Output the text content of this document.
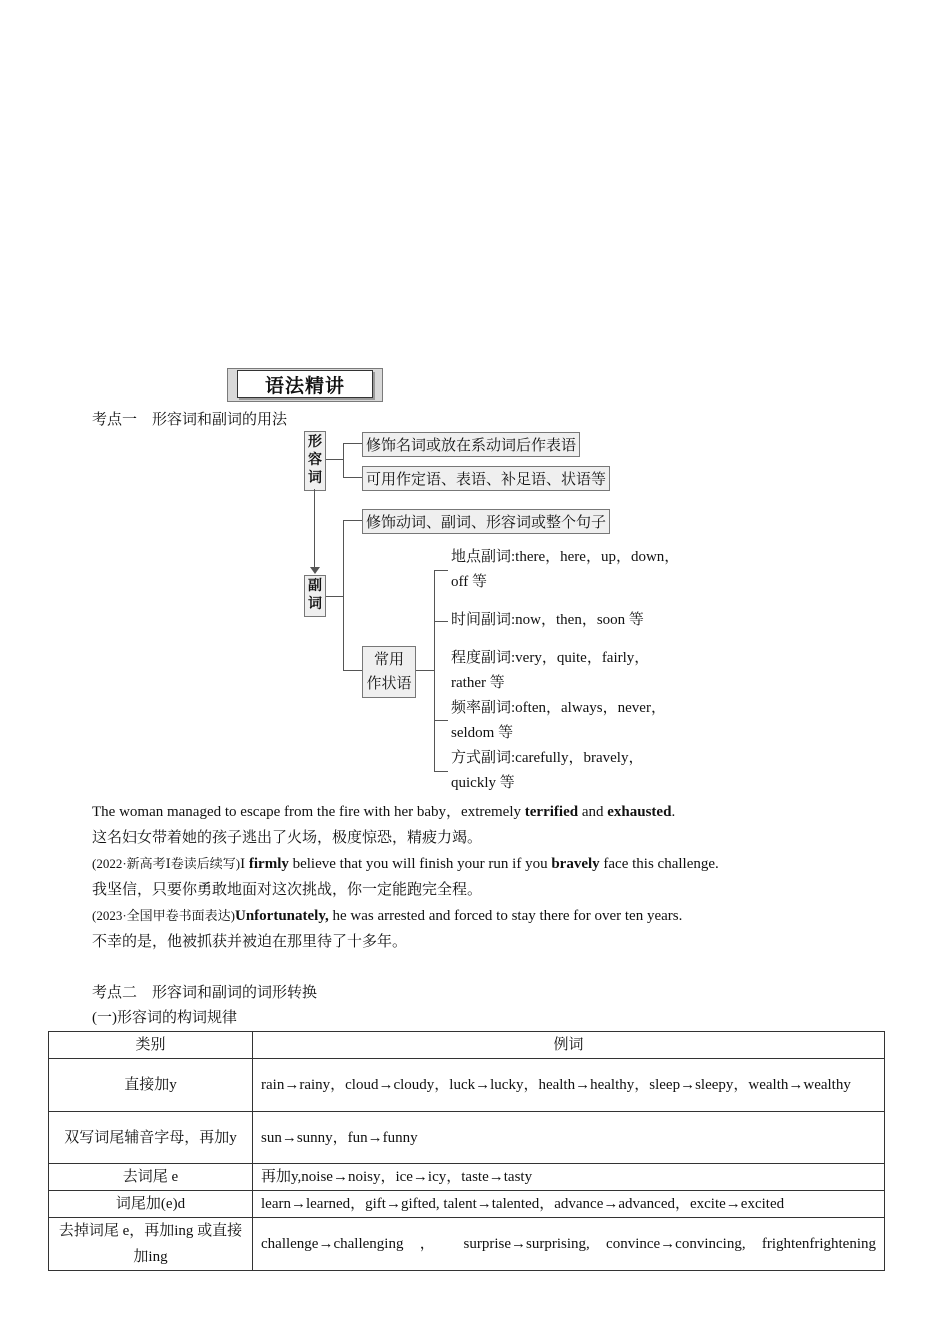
语法精讲
考点一　形容词和副词的用法
形容词
修饰名词或放在系动词后作表语
可用作定语、表语、补足语、状语等
副词
修饰动词、副词、形容词或整个句子
常用
作状语
地点副词:there，here，up，down，
off 等
时间副词:now，then，soon 等
程度副词:very，quite，fairly，
rather 等
频率副词:often，always，never，
seldom 等
方式副词:carefully，bravely，
quickly 等
The woman managed to escape from the fire with her baby，extremely terrified and exhausted.
这名妇女带着她的孩子逃出了火场，极度惊恐，精疲力竭。
(2022·新高考Ⅰ卷读后续写)I firmly believe that you will finish your run if you bravely face this challenge.
我坚信，只要你勇敢地面对这次挑战，你一定能跑完全程。
(2023·全国甲卷书面表达)Unfortunately, he was arrested and forced to stay there for over ten years.
不幸的是，他被抓获并被迫在那里待了十多年。
考点二　形容词和副词的词形转换
(一)形容词的构词规律
类别	例词
直接加y	rain→rainy，cloud→cloudy，luck→lucky，health→healthy，sleep→sleepy，wealth→wealthy
双写词尾辅音字母，再加y	sun→sunny，fun→funny
去词尾 e	再加y,noise→noisy，ice→icy，taste→tasty
词尾加(e)d	learn→learned，gift→gifted, talent→talented，advance→advanced，excite→excited
去掉词尾 e，再加ing 或直接加ing	challenge→challenging ， surprise→surprising, convince→convincing, frightenfrightening
